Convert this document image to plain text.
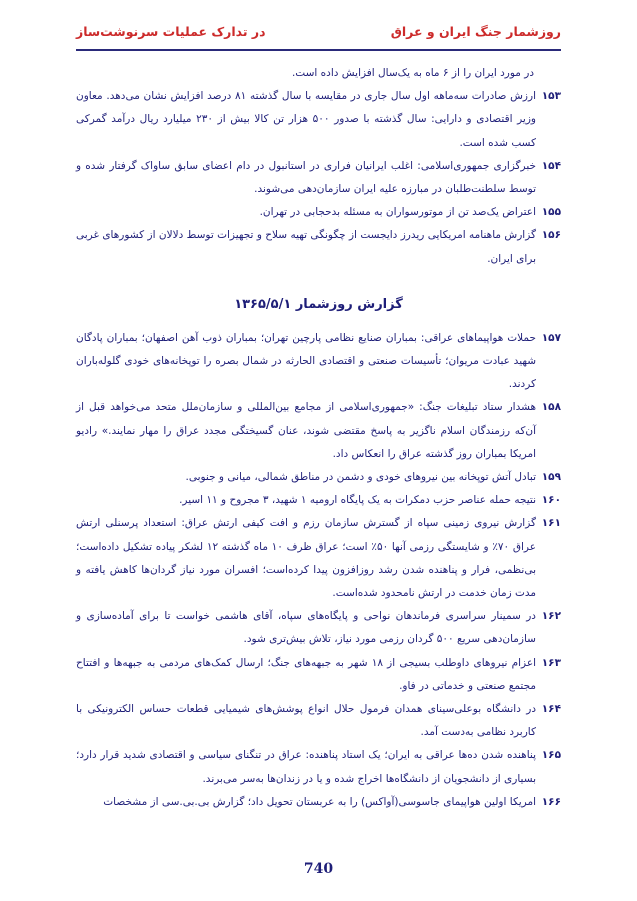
روزشمار جنگ ایران و عراق
در تدارک عملیات سرنوشت‌ساز
در مورد ایران را از ۶ ماه به یک‌سال افزایش داده است.
۱۵۳
ارزش صادرات سه‌ماهه اول سال جاری در مقایسه با سال گذشته ۸۱ درصد افزایش نشان می‌دهد. معاون وزیر اقتصادی و دارایی: سال گذشته با صدور ۵۰۰ هزار تن کالا بیش از ۲۳۰ میلیارد ریال درآمد گمرکی کسب شده است.
۱۵۴
خبرگزاری جمهوری‌اسلامی: اغلب ایرانیان فراری در استانبول در دام اعضای سابق ساواک گرفتار شده و توسط سلطنت‌طلبان در مبارزه علیه ایران سازمان‌دهی می‌شوند.
۱۵۵
اعتراض یک‌صد تن از موتورسواران به مسئله بدحجابی در تهران.
۱۵۶
گزارش ماهنامه امریکایی ریدرز دایجست از چگونگی تهیه سلاح و تجهیزات توسط دلالان از کشورهای غربی برای ایران.
گزارش روزشمار ۱۳۶۵/۵/۱
۱۵۷
حملات هواپیماهای عراقی: بمباران صنایع نظامی پارچین تهران؛ بمباران ذوب آهن اصفهان؛ بمباران پادگان شهید عبادت مریوان؛ تأسیسات صنعتی و اقتصادی الحارثه در شمال بصره را توپخانه‌های خودی گلوله‌باران کردند.
۱۵۸
هشدار ستاد تبلیغات جنگ: «جمهوری‌اسلامی از مجامع بین‌المللی و سازمان‌ملل متحد می‌خواهد قبل از آن‌که رزمندگان اسلام ناگزیر به پاسخ مقتضی شوند، عنان گسیختگی مجدد عراق را مهار نمایند.» رادیو امریکا بمباران روز گذشته عراق را انعکاس داد.
۱۵۹
تبادل آتش توپخانه بین نیروهای خودی و دشمن در مناطق شمالی، میانی و جنوبی.
۱۶۰
نتیجه حمله عناصر حزب دمکرات به یک پایگاه ارومیه ۱ شهید، ۳ مجروح و ۱۱ اسیر.
۱۶۱
گزارش نیروی زمینی سپاه از گسترش سازمان رزم و افت کیفی ارتش عراق: استعداد پرسنلی ارتش عراق ۷۰٪ و شایستگی رزمی آنها ۵۰٪ است؛ عراق ظرف ۱۰ ماه گذشته ۱۲ لشکر پیاده تشکیل داده‌است؛ بی‌نظمی، فرار و پناهنده شدن رشد روزافزون پیدا کرده‌است؛ افسران مورد نیاز گردان‌ها کاهش یافته و مدت زمان خدمت در ارتش نامحدود شده‌است.
۱۶۲
در سمینار سراسری فرماندهان نواحی و پایگاه‌های سپاه، آقای هاشمی خواست تا برای آماده‌سازی و سازمان‌دهی سریع ۵۰۰ گردان رزمی مورد نیاز، تلاش بیش‌تری شود.
۱۶۳
اعزام نیروهای داوطلب بسیجی از ۱۸ شهر به جبهه‌های جنگ؛ ارسال کمک‌های مردمی به جبهه‌ها و افتتاح مجتمع صنعتی و خدماتی در فاو.
۱۶۴
در دانشگاه بوعلی‌سینای همدان فرمول حلال انواع پوشش‌های شیمیایی قطعات حساس الکترونیکی با کاربرد نظامی به‌دست آمد.
۱۶۵
پناهنده شدن ده‌ها عراقی به ایران؛ یک استاد پناهنده: عراق در تنگنای سیاسی و اقتصادی شدید قرار دارد؛ بسیاری از دانشجویان از دانشگاه‌ها اخراج شده و یا در زندان‌ها به‌سر می‌برند.
۱۶۶
امریکا اولین هواپیمای جاسوسی(آواکس) را به عربستان تحویل داد؛ گزارش بی.بی.سی از مشخصات
740
